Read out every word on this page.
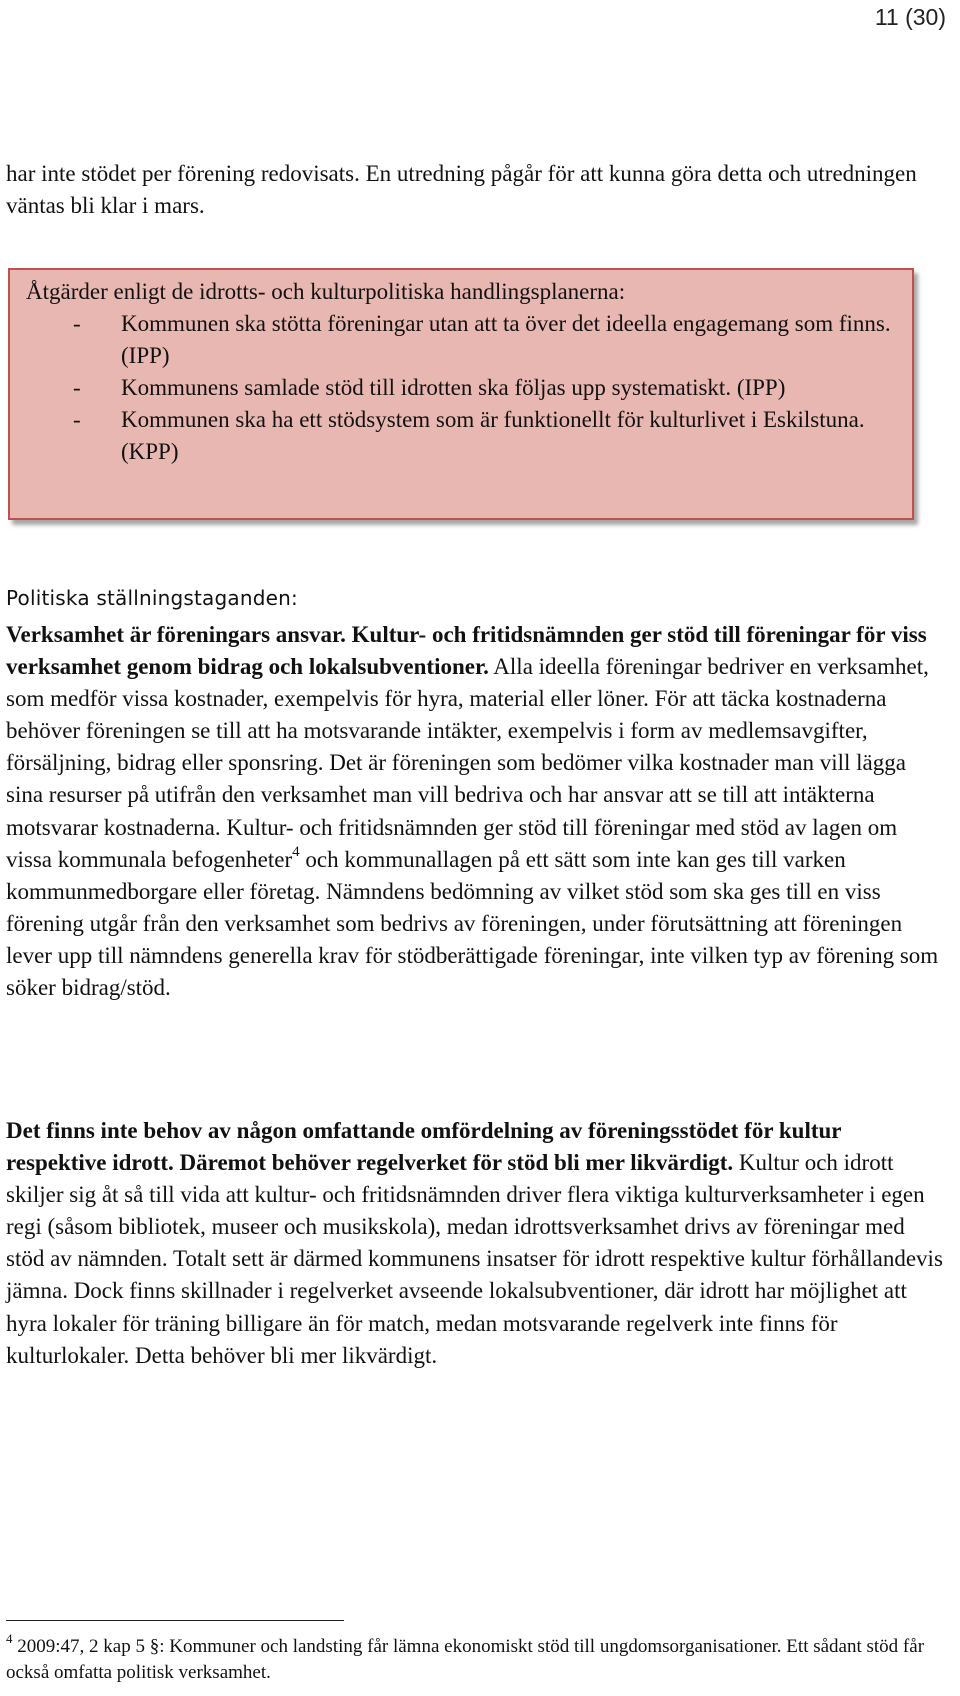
11 (30)

har inte stödet per förening redovisats. En utredning pågår för att kunna göra detta och utredningen väntas bli klar i mars.

Åtgärder enligt de idrotts- och kulturpolitiska handlingsplanerna:

- Kommunen ska stötta föreningar utan att ta över det ideella engagemang som finns. (IPP)
- Kommunens samlade stöd till idrotten ska följas upp systematiskt. (IPP)
- Kommunen ska ha ett stödsystem som är funktionellt för kulturlivet i Eskilstuna. (KPP)

Politiska ställningstaganden:

Verksamhet är föreningars ansvar. Kultur- och fritidsnämnden ger stöd till föreningar för viss verksamhet genom bidrag och lokalsubventioner. Alla ideella föreningar bedriver en verksamhet, som medför vissa kostnader, exempelvis för hyra, material eller löner. För att täcka kostnaderna behöver föreningen se till att ha motsvarande intäkter, exempelvis i form av medlemsavgifter, försäljning, bidrag eller sponsring. Det är föreningen som bedömer vilka kostnader man vill lägga sina resurser på utifrån den verksamhet man vill bedriva och har ansvar att se till att intäkterna motsvarar kostnaderna. Kultur- och fritidsnämnden ger stöd till föreningar med stöd av lagen om vissa kommunala befogenheter$^4$ och kommunallagen på ett sätt som inte kan ges till varken kommunmedborgare eller företag. Nämndens bedömning av vilket stöd som ska ges till en viss förening utgår från den verksamhet som bedrivs av föreningen, under förutsättning att föreningen lever upp till nämndens generella krav för stödberättigade föreningar, inte vilken typ av förening som söker bidrag/stöd.

Det finns inte behov av någon omfattande omfördelning av föreningsstödet för kultur respektive idrott. Däremot behöver regelverket för stöd bli mer likvärdigt. Kultur och idrott skiljer sig åt så till vida att kultur- och fritidsnämnden driver flera viktiga kulturverksamheter i egen regi (såsom bibliotek, museer och musikskola), medan idrottsverksamhet drivs av föreningar med stöd av nämnden. Totalt sett är därmed kommunens insatser för idrott respektive kultur förhållandevis jämna. Dock finns skillnader i regelverket avseende lokalsubventioner, där idrott har möjlighet att hyra lokaler för träning billigare än för match, medan motsvarande regelverk inte finns för kulturlokaler. Detta behöver bli mer likvärdigt.

$^4$ 2009:47, 2 kap 5 §: Kommuner och landsting får lämna ekonomiskt stöd till ungdomsorganisationer. Ett sådant stöd får också omfatta politisk verksamhet.
